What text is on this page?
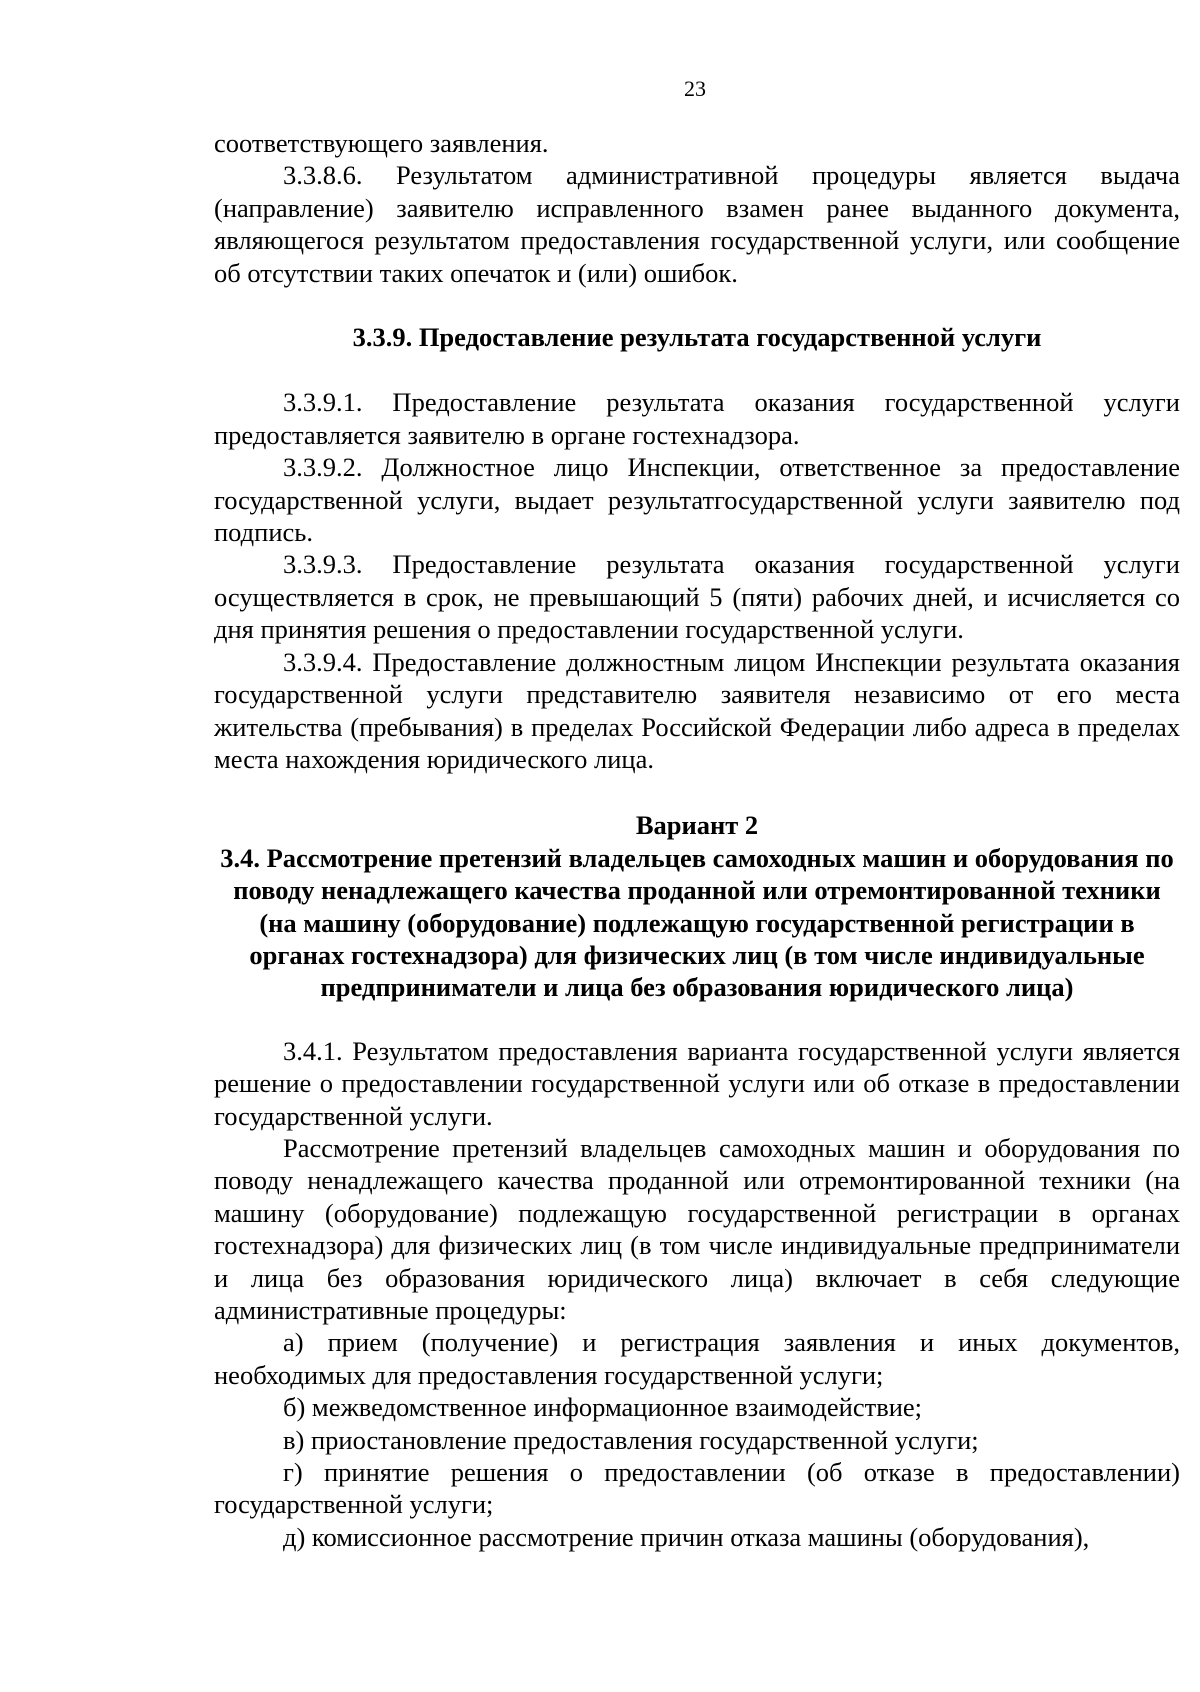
23

соответствующего заявления.

3.3.8.6. Результатом административной процедуры является выдача (направление) заявителю исправленного взамен ранее выданного документа, являющегося результатом предоставления государственной услуги, или сообщение об отсутствии таких опечаток и (или) ошибок.

3.3.9. Предоставление результата государственной услуги

3.3.9.1. Предоставление результата оказания государственной услуги предоставляется заявителю в органе гостехнадзора.

3.3.9.2. Должностное лицо Инспекции, ответственное за предоставление государственной услуги, выдает результатгосударственной услуги заявителю под подпись.

3.3.9.3. Предоставление результата оказания государственной услуги осуществляется в срок, не превышающий 5 (пяти) рабочих дней, и исчисляется со дня принятия решения о предоставлении государственной услуги.

3.3.9.4. Предоставление должностным лицом Инспекции результата оказания государственной услуги представителю заявителя независимо от его места жительства (пребывания) в пределах Российской Федерации либо адреса в пределах места нахождения юридического лица.

Вариант 2

3.4. Рассмотрение претензий владельцев самоходных машин и оборудования по поводу ненадлежащего качества проданной или отремонтированной техники (на машину (оборудование) подлежащую государственной регистрации в органах гостехнадзора) для физических лиц (в том числе индивидуальные предприниматели и лица без образования юридического лица)

3.4.1. Результатом предоставления варианта государственной услуги является решение о предоставлении государственной услуги или об отказе в предоставлении государственной услуги.

Рассмотрение претензий владельцев самоходных машин и оборудования по поводу ненадлежащего качества проданной или отремонтированной техники (на машину (оборудование) подлежащую государственной регистрации в органах гостехнадзора) для физических лиц (в том числе индивидуальные предприниматели и лица без образования юридического лица) включает в себя следующие административные процедуры:

а) прием (получение) и регистрация заявления и иных документов, необходимых для предоставления государственной услуги;

б) межведомственное информационное взаимодействие;

в) приостановление предоставления государственной услуги;

г) принятие решения о предоставлении (об отказе в предоставлении) государственной услуги;

д) комиссионное рассмотрение причин отказа машины (оборудования),
